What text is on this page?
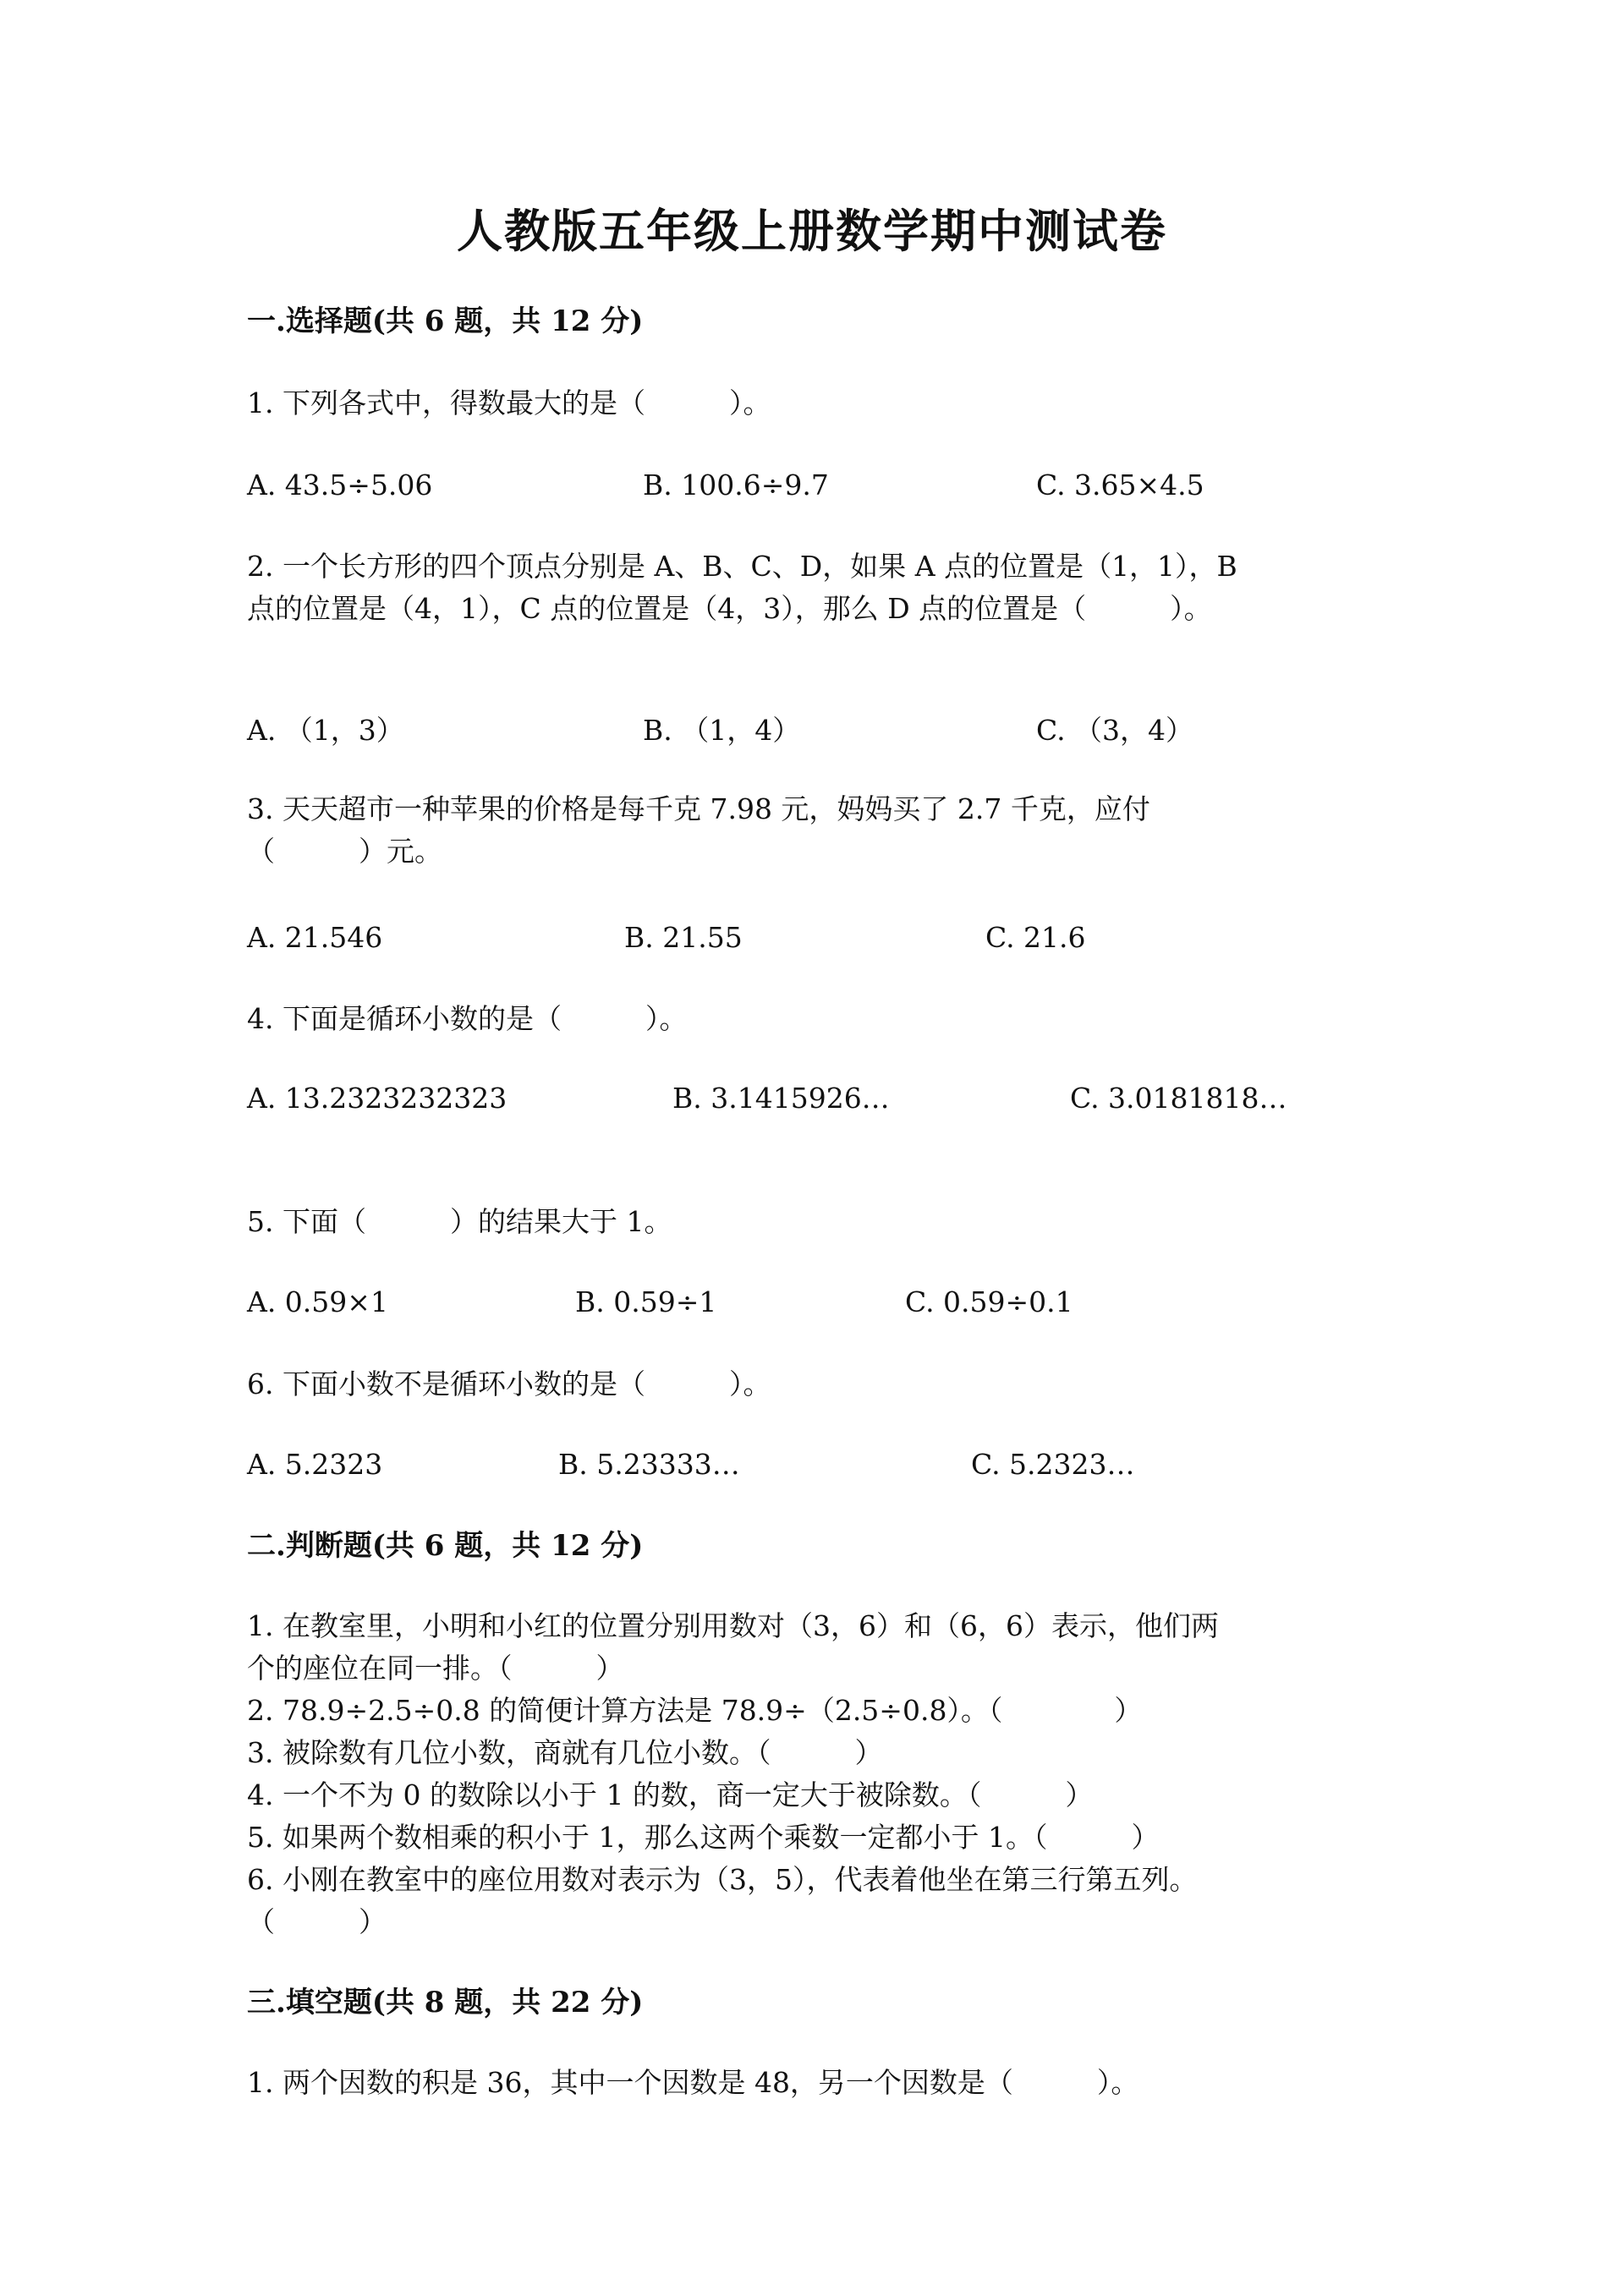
人教版五年级上册数学期中测试卷
一.选择题(共 6 题，共 12 分)
1. 下列各式中，得数最大的是（　　　）。
A. 43.5÷5.06	B. 100.6÷9.7	C. 3.65×4.5
2. 一个长方形的四个顶点分别是 A、B、C、D，如果 A 点的位置是（1，1），B
点的位置是（4，1），C 点的位置是（4，3），那么 D 点的位置是（　　　）。
A. （1，3）	B. （1，4）	C. （3，4）
3. 天天超市一种苹果的价格是每千克 7.98 元，妈妈买了 2.7 千克，应付
（　　　）元。
A. 21.546	B. 21.55	C. 21.6
4. 下面是循环小数的是（　　　）。
A. 13.2323232323	B. 3.1415926…	C. 3.0181818…
5. 下面（　　　）的结果大于 1。
A. 0.59×1	B. 0.59÷1	C. 0.59÷0.1
6. 下面小数不是循环小数的是（　　　）。
A. 5.2323	B. 5.23333…	C. 5.2323…
二.判断题(共 6 题，共 12 分)
1. 在教室里，小明和小红的位置分别用数对（3，6）和（6，6）表示，他们两
个的座位在同一排。（　　　）
2. 78.9÷2.5÷0.8 的简便计算方法是 78.9÷（2.5÷0.8）。（　　　　）
3. 被除数有几位小数，商就有几位小数。（　　　）
4. 一个不为 0 的数除以小于 1 的数，商一定大于被除数。（　　　）
5. 如果两个数相乘的积小于 1，那么这两个乘数一定都小于 1。（　　　）
6. 小刚在教室中的座位用数对表示为（3，5），代表着他坐在第三行第五列。
（　　　）
三.填空题(共 8 题，共 22 分)
1. 两个因数的积是 36，其中一个因数是 48，另一个因数是（　　　）。
